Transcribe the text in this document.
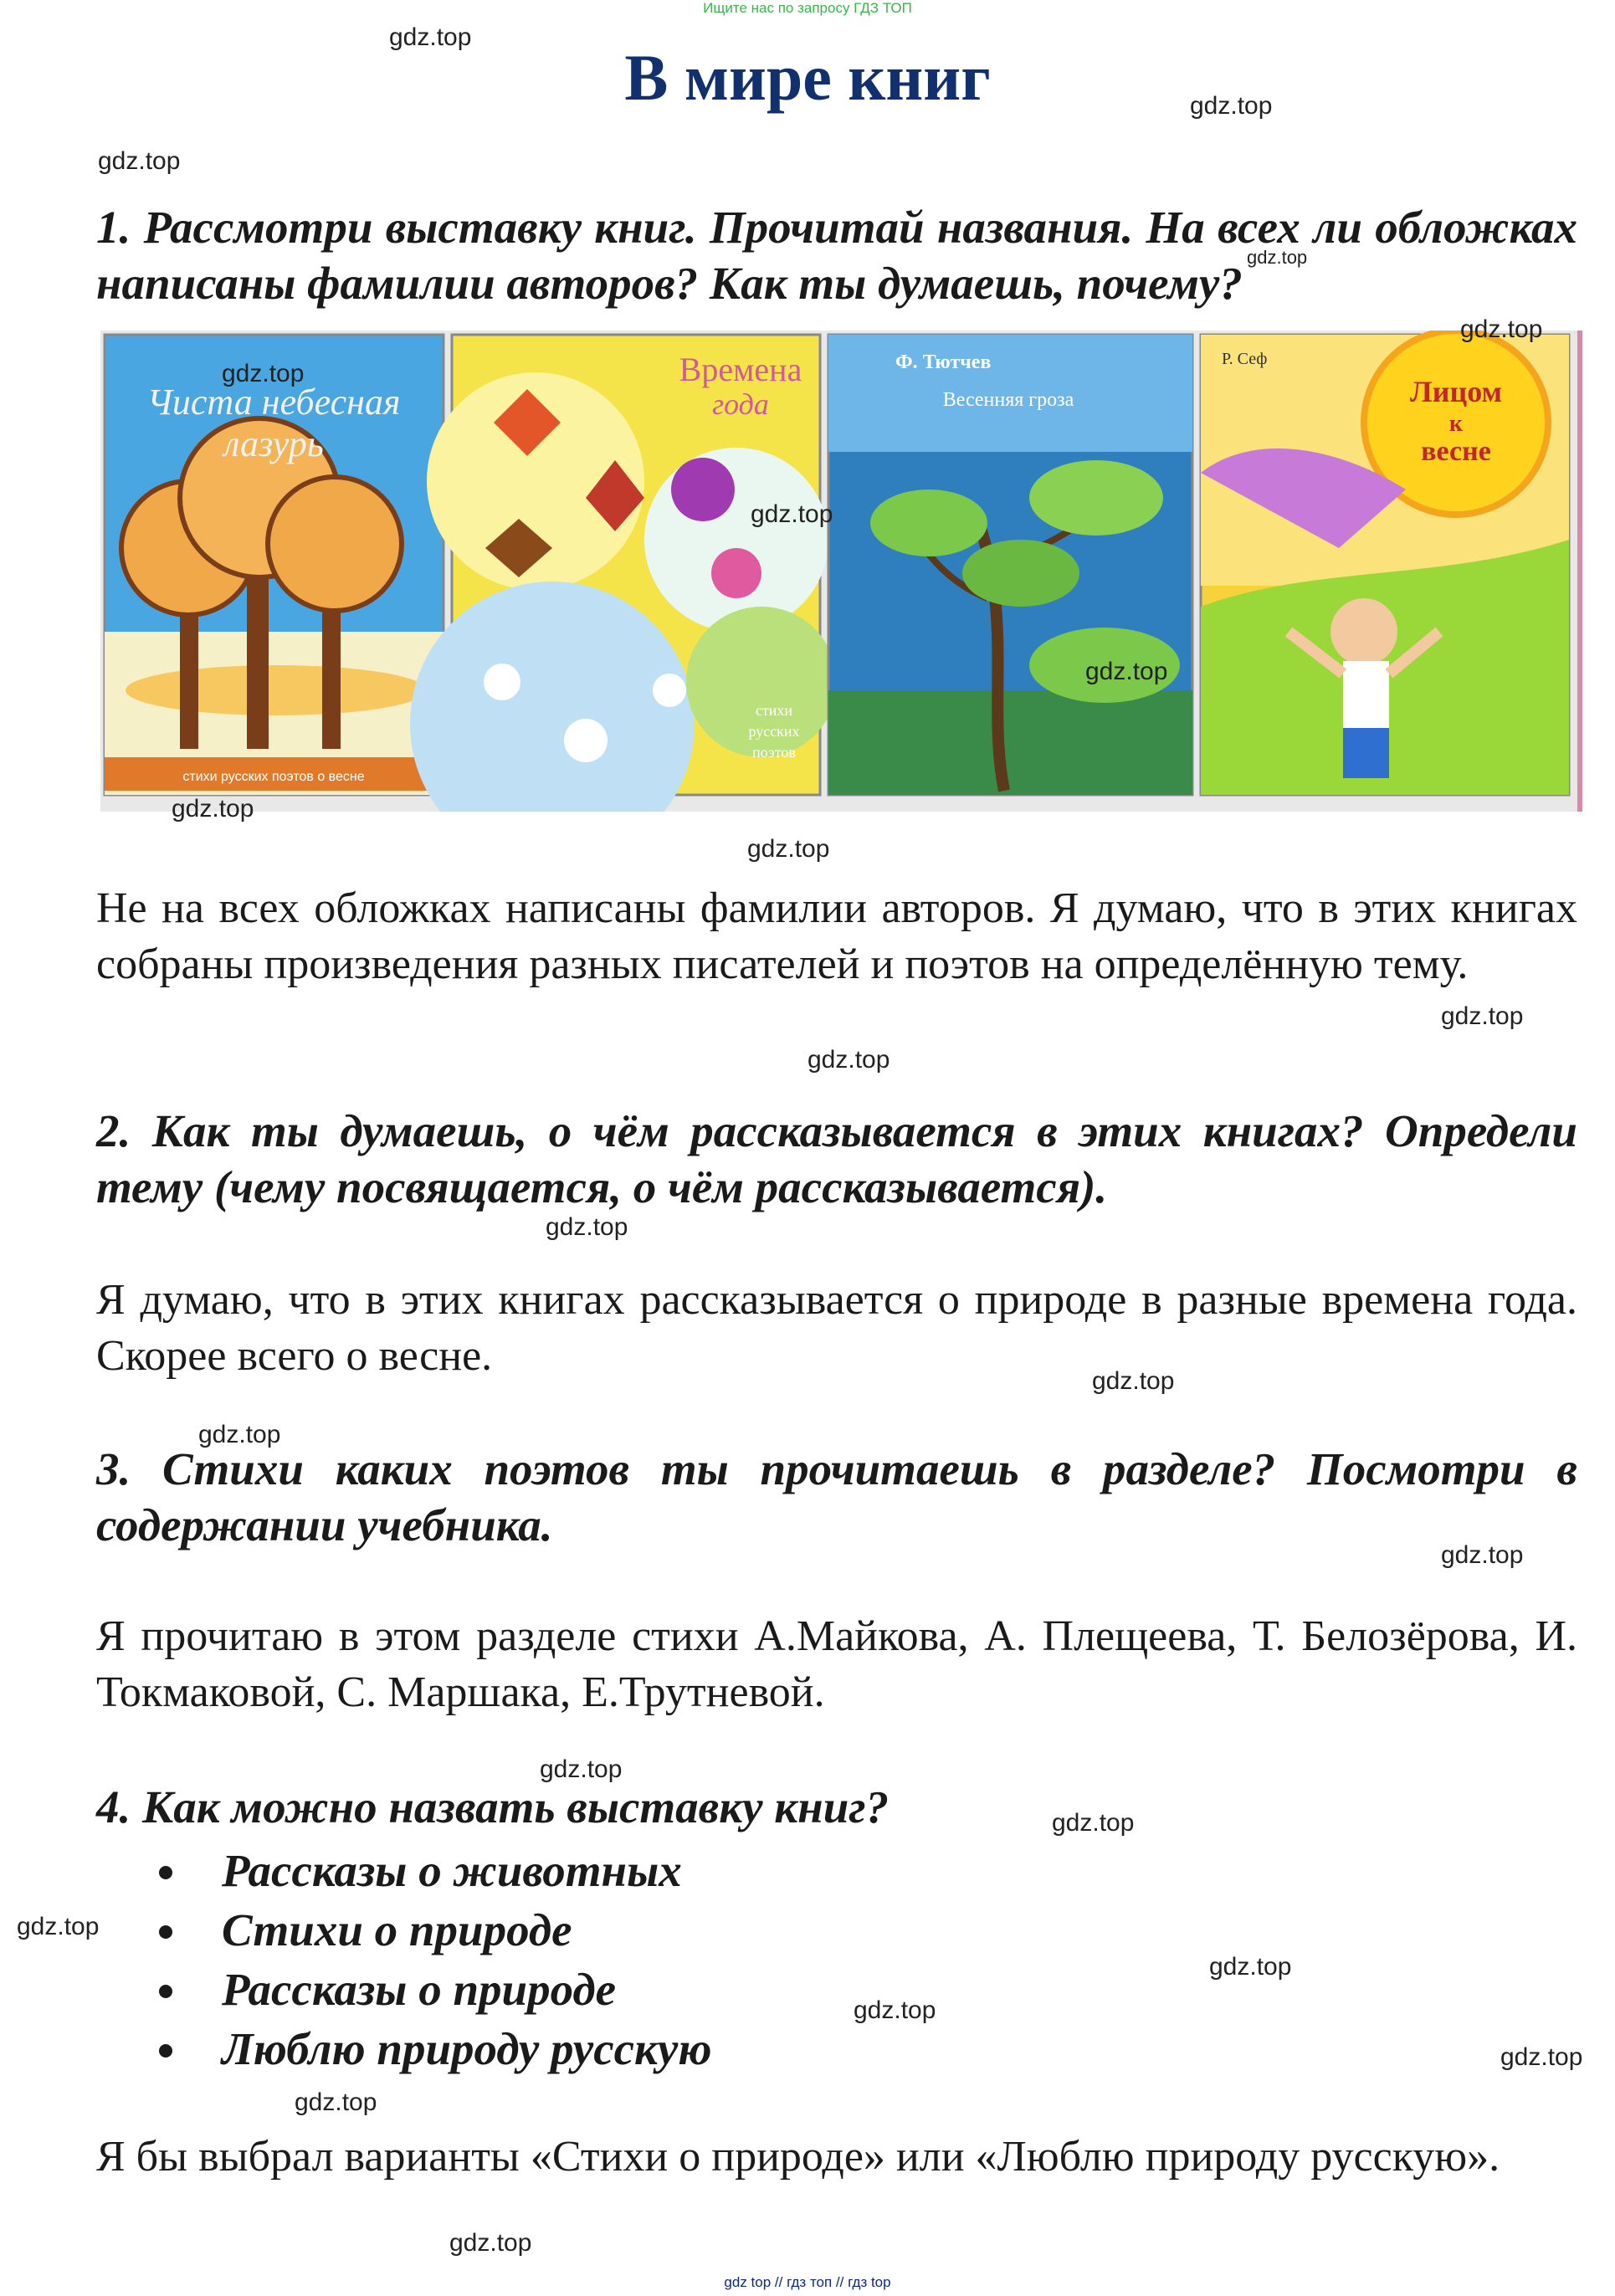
Ищите нас по запросу ГДЗ ТОП
В мире книг
1. Рассмотри выставку книг. Прочитай названия. На всех ли обложках написаны фамилии авторов? Как ты думаешь, почему?
Чиста небесная
лазурь
стихи русских поэтов о весне
Времена
года
стихи
русских
поэтов
Ф. Тютчев
Весенняя гроза
Р. Сеф
Лицом
к
весне
Не на всех обложках написаны фамилии авторов. Я думаю, что в этих книгах собраны произведения разных писателей и поэтов на определённую тему.
2. Как ты думаешь, о чём рассказывается в этих книгах? Определи тему (чему посвящается, о чём рассказывается).
Я думаю, что в этих книгах рассказывается о природе в разные времена года. Скорее всего о весне.
3. Стихи каких поэтов ты прочитаешь в разделе? Посмотри в содержании учебника.
Я прочитаю в этом разделе стихи А.Майкова, А. Плещеева, Т. Белозёрова, И. Токмаковой, С. Маршака, Е.Трутневой.
4. Как можно назвать выставку книг?
Рассказы о животных
Стихи о природе
Рассказы о природе
Люблю природу русскую
Я бы выбрал варианты «Стихи о природе» или «Люблю природу русскую».
gdz.top
gdz.top
gdz.top
gdz.top
gdz.top
gdz.top
gdz.top
gdz.top
gdz.top
gdz.top
gdz.top
gdz.top
gdz.top
gdz.top
gdz.top
gdz.top
gdz.top
gdz.top
gdz.top
gdz.top
gdz.top
gdz.top
gdz.top
gdz.top
gdz top // гдз топ // гдз top
